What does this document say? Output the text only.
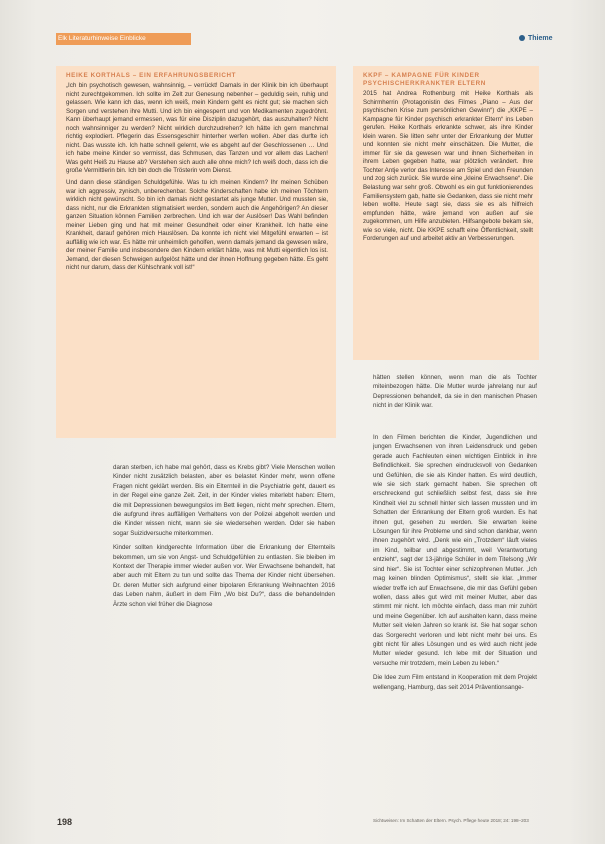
Elk Literaturhinweise Einblicke	Thieme
HEIKE KORTHALS – EIN ERFAHRUNGSBERICHT

„Ich bin psychotisch gewesen, wahnsinnig, – verrückt! Damals in der Klinik bin ich überhaupt nicht zurechtgekommen. Ich sollte im Zelt zur Genesung nebenher – geduldig sein, ruhig und gelassen. Wie kann ich das, wenn ich weiß, mein Kindern geht es nicht gut; sie machen sich Sorgen und verstehen ihre Mutti. Und ich bin eingesperrt und von Medikamenten zugedröhnt. Kann überhaupt jemand ermessen, was für eine Disziplin dazugehört, das auszuhalten? Nicht noch wahnsinniger zu werden? Nicht wirklich durchzudrehen? Ich hätte ich gern manchmal richtig explodiert. Pflegerin das Essensgeschirr hinterher werfen wollen. Aber das durfte ich nicht. Das wusste ich. Ich hatte schnell gelernt, wie es abgeht auf der Geschlossenen … Und ich habe meine Kinder so vermisst, das Schmusen, das Tanzen und vor allem das Lachen! Was geht Heiß zu Hause ab? Verstehen sich auch alle ohne mich? Ich weiß doch, dass ich die große Vermittlerin bin. Ich bin doch die Trösterin vom Dienst.

Und dann diese ständigen Schuldgefühle. Was tu ich meinen Kindern? Ihr meinen Schüben war ich aggressiv, zynisch, unberechenbar. Solche Kinderschaften habe ich meinen Töchtern wirklich nicht gewünscht. So bin ich damals nicht gestartet als junge Mutter. Und mussten sie, dass nicht, nur die Erkrankten stigmatisiert werden, sondern auch die Angehörigen? An dieser ganzen Situation können Familien zerbrechen. Und ich war der Auslöser! Das Wahl befinden meiner Lieben ging und hat mit meiner Gesundheit oder einer Krankheit. Ich hatte eine Krankheit, darauf gehören mich Hauslösen. Da konnte ich nicht viel Mitgefühl erwarten – ist auffällig wie ich war. Es hätte mir unheimlich geholfen, wenn damals jemand da gewesen wäre, der meiner Familie und insbesondere den Kindern erklärt hätte, was mit Mutti eigentlich los ist. Jemand, der diesen Schweigen aufgelöst hätte und der ihnen Hoffnung gegeben hätte. Es geht nicht nur darum, dass der Kühlschrank voll ist!“

KKPF – KAMPAGNE FÜR KINDER PSYCHISCHERKRANKTER ELTERN

2015 hat Andrea Rothenburg mit Heike Korthals als Schirmherrin (Protagonistin des Filmes „Piano – Aus der psychischen Krise zum persönlichen Gewinn“) die „KKPE – Kampagne für Kinder psychisch erkrankter Eltern“ ins Leben gerufen. Heike Korthals erkrankte schwer, als ihre Kinder klein waren. Sie litten sehr unter der Erkrankung der Mutter und konnten sie nicht mehr einschätzen. Die Mutter, die immer für sie da gewesen war und ihnen Sicherheiten in ihrem Leben gegeben hatte, war plötzlich verändert. Ihre Tochter Antje verlor das Interesse am Spiel und den Freunden und zog sich zurück. Sie wurde eine „kleine Erwachsene“. Die Belastung war sehr groß. Obwohl es ein gut funktionierendes Familiensystem gab, hatte sie Gedanken, dass sie nicht mehr leben wollte. Heute sagt sie, dass sie es als hilfreich empfunden hätte, wäre jemand von außen auf sie zugekommen, um Hilfe anzubieten. Hilfsangebote bekam sie, wie so viele, nicht. Die KKPE schafft eine Öffentlichkeit, stellt Forderungen auf und arbeitet aktiv an Verbesserungen.

daran sterben, ich habe mal gehört, dass es Krebs gibt? Viele Menschen wollen Kinder nicht zusätzlich belasten, aber es belastet Kinder mehr, wenn offene Fragen nicht geklärt werden. Bis ein Elternteil in die Psychiatrie geht, dauert es in der Regel eine ganze Zeit. Zeit, in der Kinder vieles miterlebt haben: Eltern, die mit Depressionen bewegungslos im Bett liegen, nicht mehr sprechen. Eltern, die aufgrund ihres auffälligen Verhaltens von der Polizei abgeholt werden und die Kinder wissen nicht, wann sie sie wiedersehen werden. Oder sie haben sogar Suizidversuche miterkommen.

Kinder sollten kindgerechte Information über die Erkrankung der Elternteils bekommen, um sie von Angst- und Schuldgefühlen zu entlasten. Sie bleiben im Kontext der Therapie immer wieder außen vor. Wer Erwachsene behandelt, hat aber auch mit Eltern zu tun und sollte das Thema der Kinder nicht übersehen. Dr. deren Mutter sich aufgrund einer bipolaren Erkrankung Weihnachten 2016 das Leben nahm, äußert in dem Film „Wo bist Du?“, dass die behandelnden Ärzte schon viel früher die Diagnose

hätten stellen können, wenn man die als Tochter miteinbezogen hätte. Die Mutter wurde jahrelang nur auf Depressionen behandelt, da sie in den manischen Phasen nicht in der Klinik war.

In den Filmen berichten die Kinder, Jugendlichen und jungen Erwachsenen von ihren Leidensdruck und geben gerade auch Fachleuten einen wichtigen Einblick in ihre Befindlichkeit. Sie sprechen eindrucksvoll von Gedanken und Gefühlen, die sie als Kinder hatten. Es wird deutlich, wie sie sich stark gemacht haben. Sie sprechen oft erschreckend gut schließlich selbst fest, dass sie ihre Kindheit viel zu schnell hinter sich lassen mussten und im Schatten der Erkrankung der Eltern groß wurden. Es hat ihnen gut, gesehen zu werden. Sie erwarten keine Lösungen für ihre Probleme und sind schon dankbar, wenn ihnen zugehört wird. „Denk wie ein „Trotzdem“ läuft vieles im Kind, teilbar und abgestimmt, weil Verantwortung entzieht“, sagt der 13-jährige Schüler in dem Titelsong „Wir sind hier“. Sie ist Tochter einer schizophrenen Mutter. „Ich mag keinen blinden Optimismus“, stellt sie klar. „Immer wieder treffe ich auf Erwachsene, die mir das Gefühl geben wollen, dass alles gut wird mit meiner Mutter, aber das stimmt mir nicht. Ich möchte einfach, dass man mir zuhört und meine Gegenüber. Ich auf aushalten kann, dass meine Mutter seit vielen Jahren so krank ist. Sie hat sogar schon das Sorgerecht verloren und lebt nicht mehr bei uns. Es gibt nicht für alles Lösungen und es wird auch nicht jede Mutter wieder gesund. Ich lebe mit der Situation und versuche mir trotzdem, mein Leben zu leben.“

Die Idee zum Film entstand in Kooperation mit dem Projekt wellengang, Hamburg, das seit 2014 Präventionsange-

198	Sichtweisen: Im Schatten der Eltern. Psych. Pflege heute 2018; 24: 198–203
